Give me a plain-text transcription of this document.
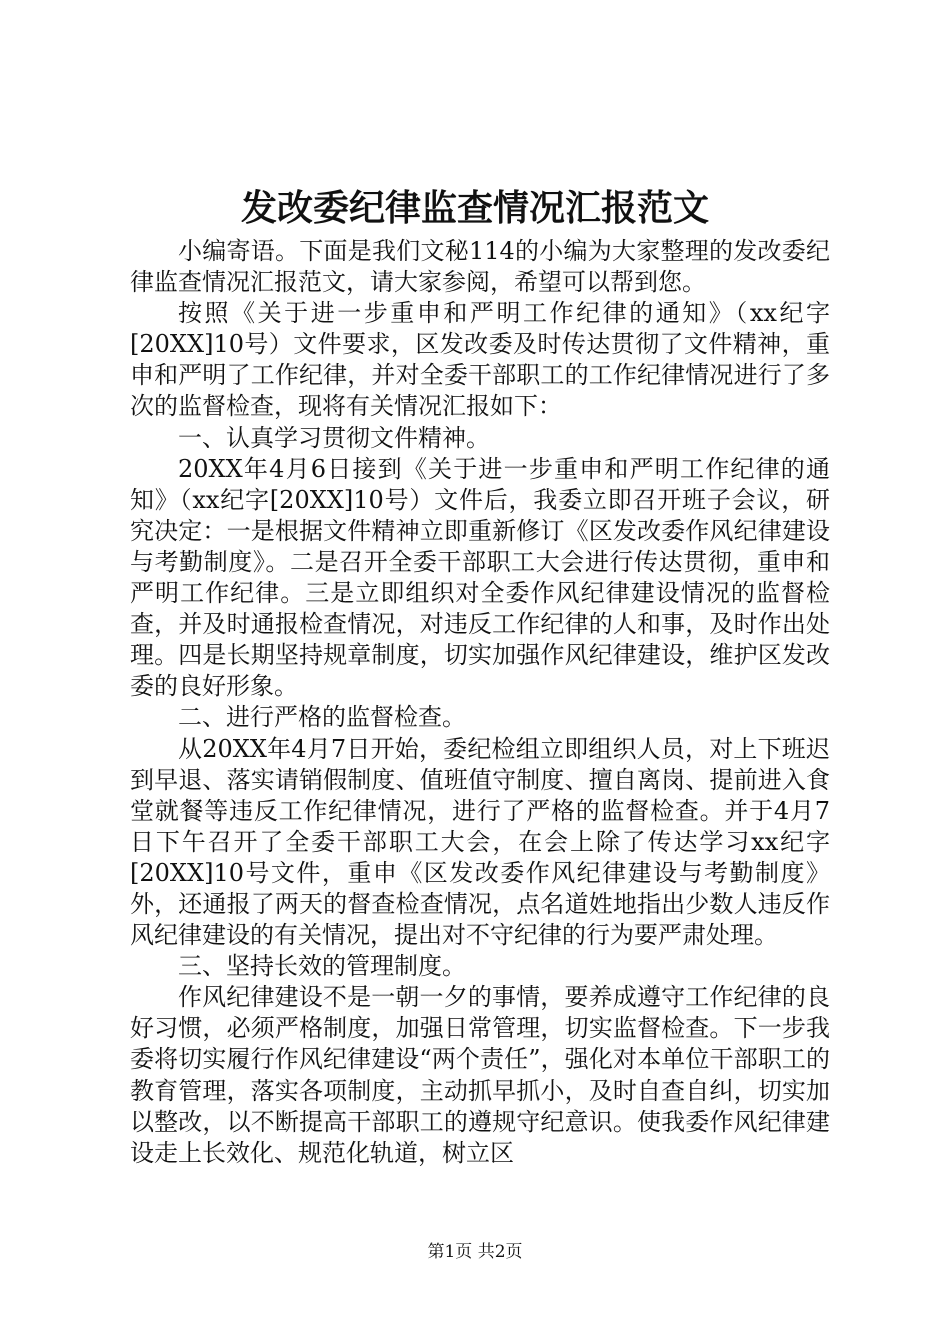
发改委纪律监查情况汇报范文

小编寄语。下面是我们文秘114的小编为大家整理的发改委纪律监查情况汇报范文，请大家参阅，希望可以帮到您。

按照《关于进一步重申和严明工作纪律的通知》（xx纪字[20XX]10号）文件要求，区发改委及时传达贯彻了文件精神，重申和严明了工作纪律，并对全委干部职工的工作纪律情况进行了多次的监督检查，现将有关情况汇报如下：

一、认真学习贯彻文件精神。

20XX年4月6日接到《关于进一步重申和严明工作纪律的通知》（xx纪字[20XX]10号）文件后，我委立即召开班子会议，研究决定：一是根据文件精神立即重新修订《区发改委作风纪律建设与考勤制度》。二是召开全委干部职工大会进行传达贯彻，重申和严明工作纪律。三是立即组织对全委作风纪律建设情况的监督检查，并及时通报检查情况，对违反工作纪律的人和事，及时作出处理。四是长期坚持规章制度，切实加强作风纪律建设，维护区发改委的良好形象。

二、进行严格的监督检查。

从20XX年4月7日开始，委纪检组立即组织人员，对上下班迟到早退、落实请销假制度、值班值守制度、擅自离岗、提前进入食堂就餐等违反工作纪律情况，进行了严格的监督检查。并于4月7日下午召开了全委干部职工大会，在会上除了传达学习xx纪字[20XX]10号文件，重申《区发改委作风纪律建设与考勤制度》外，还通报了两天的督查检查情况，点名道姓地指出少数人违反作风纪律建设的有关情况，提出对不守纪律的行为要严肃处理。

三、坚持长效的管理制度。

作风纪律建设不是一朝一夕的事情，要养成遵守工作纪律的良好习惯，必须严格制度，加强日常管理，切实监督检查。下一步我委将切实履行作风纪律建设“两个责任”，强化对本单位干部职工的教育管理，落实各项制度，主动抓早抓小，及时自查自纠，切实加以整改，以不断提高干部职工的遵规守纪意识。使我委作风纪律建设走上长效化、规范化轨道，树立区

第1页 共2页
